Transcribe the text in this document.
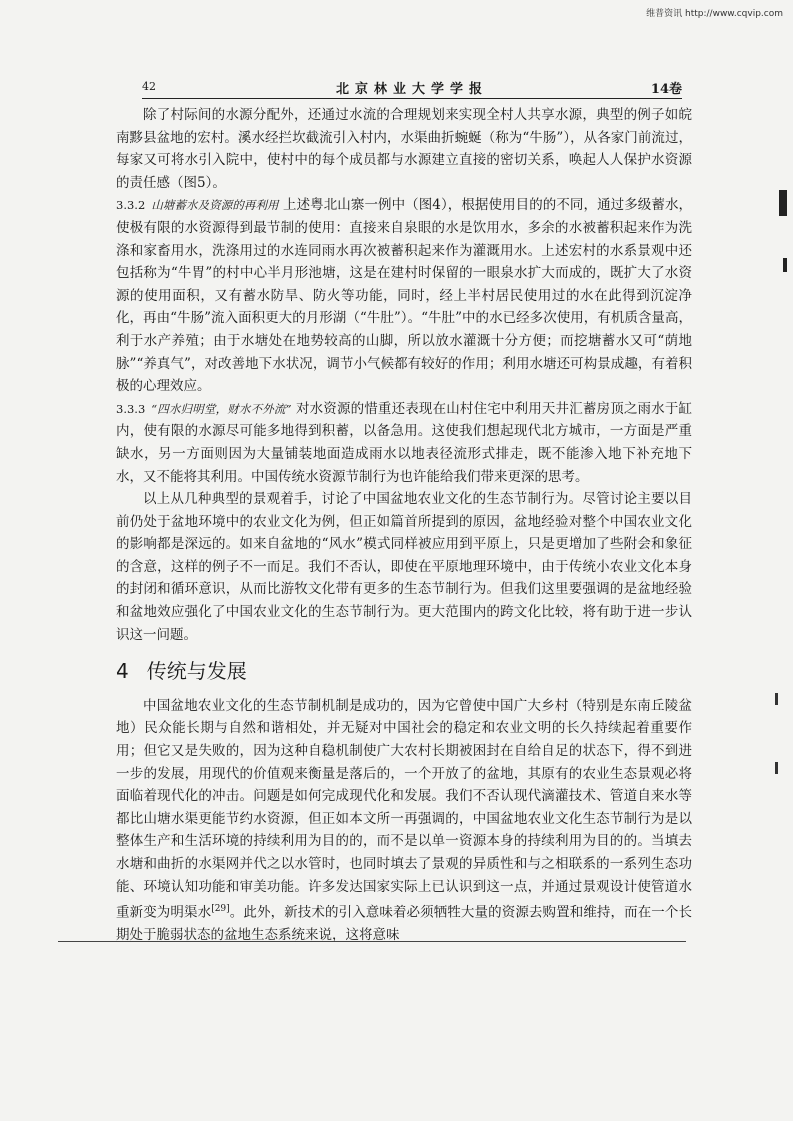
维普资讯 http://www.cqvip.com
42	北京林业大学学报	14卷

除了村际间的水源分配外，还通过水流的合理规划来实现全村人共享水源，典型的例子如皖南黟县盆地的宏村。溪水经拦坎截流引入村内，水渠曲折蜿蜒（称为“牛肠”），从各家门前流过，每家又可将水引入院中，使村中的每个成员都与水源建立直接的密切关系，唤起人人保护水资源的责任感（图5）。

3.3.2 山塘蓄水及资源的再利用 上述粤北山寨一例中（图4），根据使用目的的不同，通过多级蓄水，使极有限的水资源得到最节制的使用：直接来自泉眼的水是饮用水，多余的水被蓄积起来作为洗涤和家畜用水，洗涤用过的水连同雨水再次被蓄积起来作为灌溉用水。上述宏村的水系景观中还包括称为“牛胃”的村中心半月形池塘，这是在建村时保留的一眼泉水扩大而成的，既扩大了水资源的使用面积，又有蓄水防旱、防火等功能，同时，经上半村居民使用过的水在此得到沉淀净化，再由“牛肠”流入面积更大的月形湖（“牛肚”）。“牛肚”中的水已经多次使用，有机质含量高，利于水产养殖；由于水塘处在地势较高的山脚，所以放水灌溉十分方便；而挖塘蓄水又可“荫地脉”“养真气”，对改善地下水状况，调节小气候都有较好的作用；利用水塘还可构景成趣，有着积极的心理效应。

3.3.3 “四水归明堂，财水不外流” 对水资源的惜重还表现在山村住宅中利用天井汇蓄房顶之雨水于缸内，使有限的水源尽可能多地得到积蓄，以备急用。这使我们想起现代北方城市，一方面是严重缺水，另一方面则因为大量铺装地面造成雨水以地表径流形式排走，既不能渗入地下补充地下水，又不能将其利用。中国传统水资源节制行为也许能给我们带来更深的思考。

以上从几种典型的景观着手，讨论了中国盆地农业文化的生态节制行为。尽管讨论主要以目前仍处于盆地环境中的农业文化为例，但正如篇首所提到的原因，盆地经验对整个中国农业文化的影响都是深远的。如来自盆地的“风水”模式同样被应用到平原上，只是更增加了些附会和象征的含意，这样的例子不一而足。我们不否认，即使在平原地理环境中，由于传统小农业文化本身的封闭和循环意识，从而比游牧文化带有更多的生态节制行为。但我们这里要强调的是盆地经验和盆地效应强化了中国农业文化的生态节制行为。更大范围内的跨文化比较，将有助于进一步认识这一问题。

4 传统与发展

中国盆地农业文化的生态节制机制是成功的，因为它曾使中国广大乡村（特别是东南丘陵盆地）民众能长期与自然和谐相处，并无疑对中国社会的稳定和农业文明的长久持续起着重要作用；但它又是失败的，因为这种自稳机制使广大农村长期被困封在自给自足的状态下，得不到进一步的发展，用现代的价值观来衡量是落后的，一个开放了的盆地，其原有的农业生态景观必将面临着现代化的冲击。问题是如何完成现代化和发展。我们不否认现代滴灌技术、管道自来水等都比山塘水渠更能节约水资源，但正如本文所一再强调的，中国盆地农业文化生态节制行为是以整体生产和生活环境的持续利用为目的的，而不是以单一资源本身的持续利用为目的的。当填去水塘和曲折的水渠网并代之以水管时，也同时填去了景观的异质性和与之相联系的一系列生态功能、环境认知功能和审美功能。许多发达国家实际上已认识到这一点，并通过景观设计使管道水重新变为明渠水[29]。此外，新技术的引入意味着必须牺牲大量的资源去购置和维持，而在一个长期处于脆弱状态的盆地生态系统来说，这将意味
